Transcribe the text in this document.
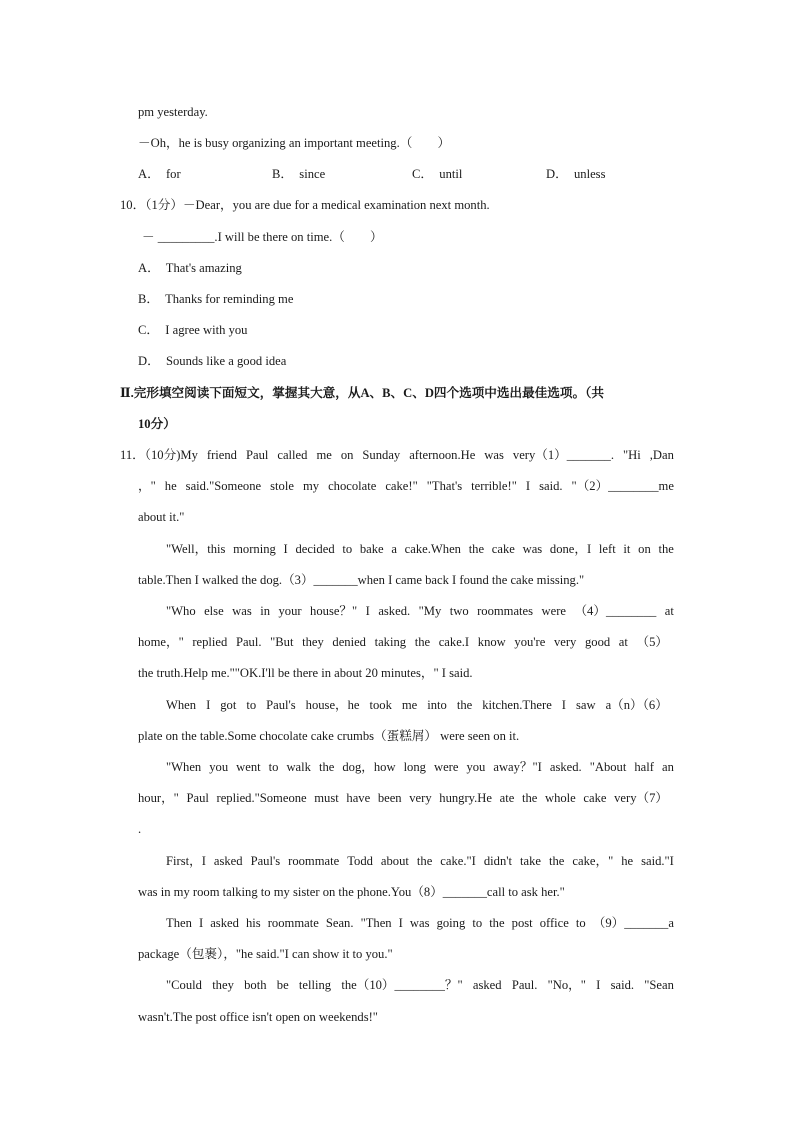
pm yesterday.
－Oh，he is busy organizing an important meeting.（　　）
A．  for	B．  since	C．  until	D．  unless
10．（1分）－Dear，you are due for a medical examination next month.
－ _________.I will be there on time.（　　）
A．  That's amazing
B．  Thanks for reminding me
C．  I agree with you
D．  Sounds like a good idea
Ⅱ.完形填空阅读下面短文，掌握其大意，从A、B、C、D四个选项中选出最佳选项。（共
10分）
11．（10分)My friend Paul called me on Sunday afternoon.He was very（1）_______. "Hi ,Dan
，" he said."Someone stole my chocolate cake!" "That's terrible!" I said. "（2）________me
about it."
"Well，this morning I decided to bake a cake.When the cake was done，I left it on the
table.Then I walked the dog.（3）_______when I came back I found the cake missing."
"Who else was in your house？" I asked. "My two roommates were （4）________ at
home，" replied Paul. "But they denied taking the cake.I know you're very good at （5）
the truth.Help me.""OK.I'll be there in about 20 minutes，" I said.
When I got to Paul's house，he took me into the kitchen.There I saw a（n）（6）
plate on the table.Some chocolate cake crumbs（蛋糕屑） were seen on it.
"When you went to walk the dog，how long were you away？"I asked. "About half an
hour，" Paul replied."Someone must have been very hungry.He ate the whole cake very（7）
.
First，I asked Paul's roommate Todd about the cake."I didn't take the cake，" he said."I
was in my room talking to my sister on the phone.You（8）_______call to ask her."
Then I asked his roommate Sean. "Then I was going to the post office to （9）_______a
package（包裹），"he said."I can show it to you."
"Could they both be telling the（10）________？" asked Paul. "No，" I said. "Sean
wasn't.The post office isn't open on weekends!"
